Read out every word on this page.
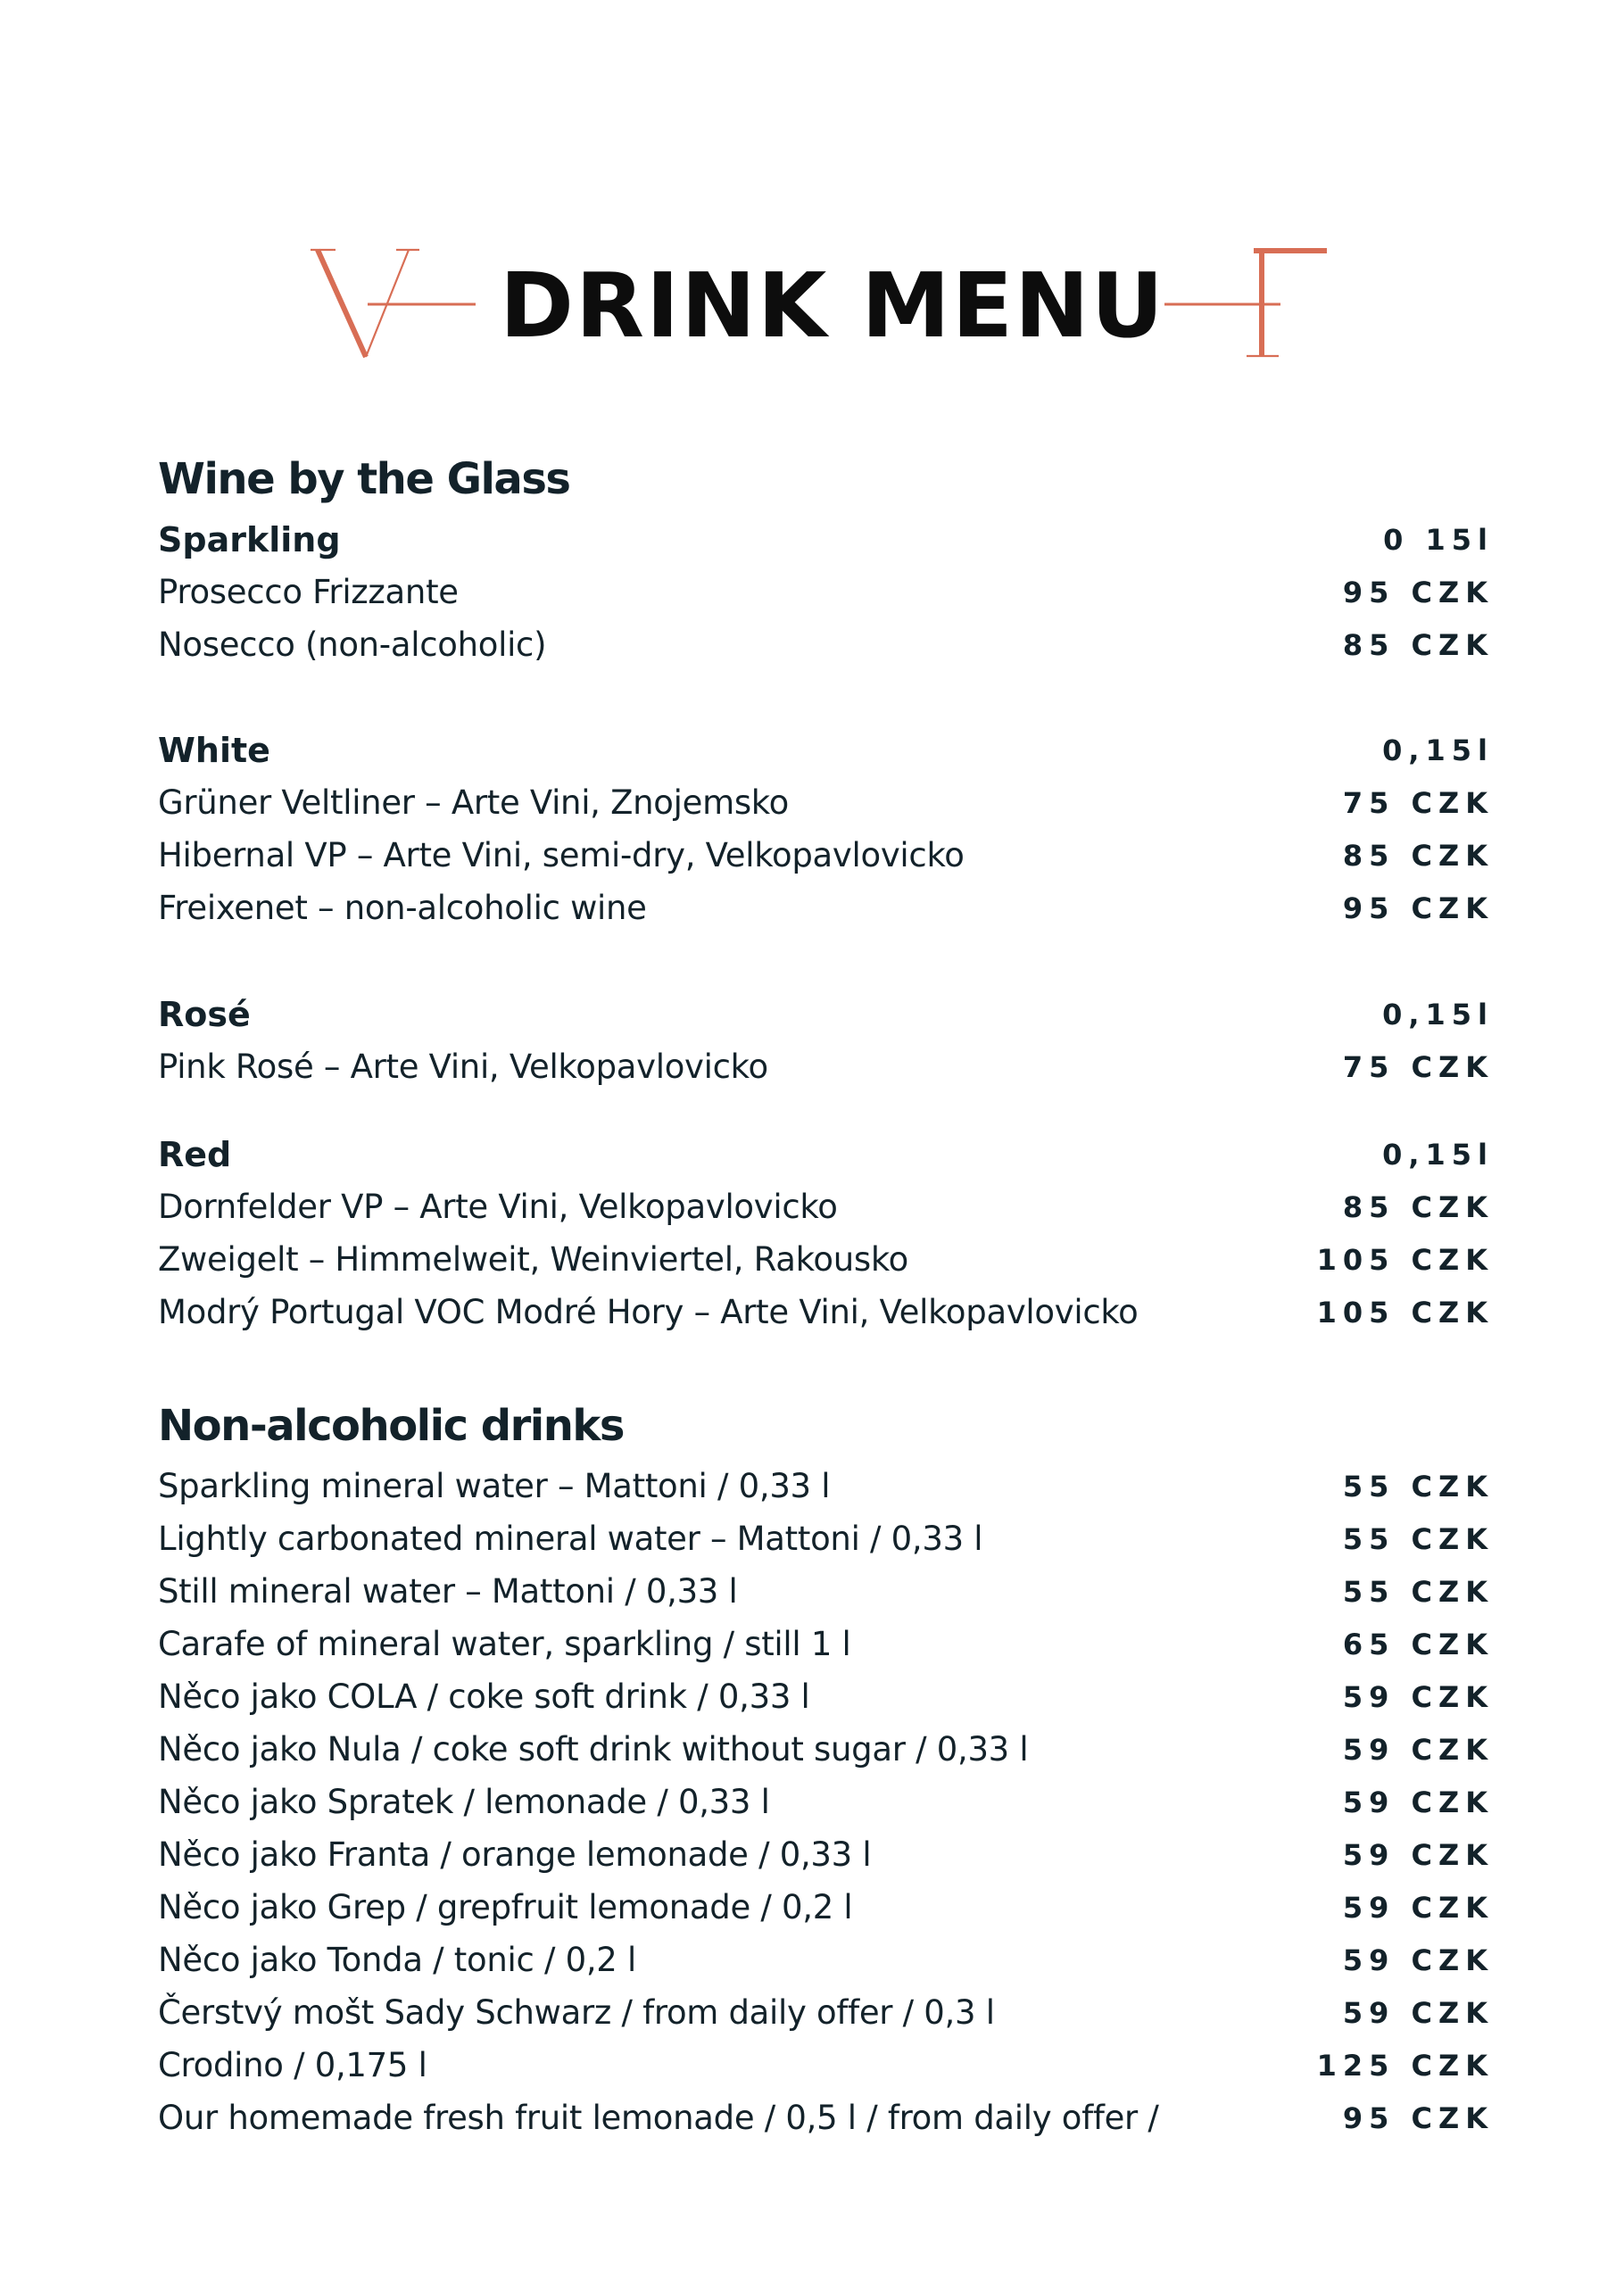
DRINK MENU
Wine by the Glass
Sparkling	0 15l
Prosecco Frizzante	95 CZK
Nosecco (non-alcoholic)	85 CZK
White	0,15l
Grüner Veltliner – Arte Vini, Znojemsko	75 CZK
Hibernal VP – Arte Vini, semi-dry, Velkopavlovicko	85 CZK
Freixenet – non-alcoholic wine	95 CZK
Rosé	0,15l
Pink Rosé – Arte Vini, Velkopavlovicko	75 CZK
Red	0,15l
Dornfelder VP – Arte Vini, Velkopavlovicko	85 CZK
Zweigelt – Himmelweit, Weinviertel, Rakousko	105 CZK
Modrý Portugal VOC Modré Hory – Arte Vini, Velkopavlovicko	105 CZK
Non-alcoholic drinks
Sparkling mineral water – Mattoni / 0,33 l	55 CZK
Lightly carbonated mineral water – Mattoni / 0,33 l	55 CZK
Still mineral water – Mattoni / 0,33 l	55 CZK
Carafe of mineral water, sparkling / still 1 l	65 CZK
Něco jako COLA / coke soft drink / 0,33 l	59 CZK
Něco jako Nula / coke soft drink without sugar / 0,33 l	59 CZK
Něco jako Spratek / lemonade / 0,33 l	59 CZK
Něco jako Franta / orange lemonade / 0,33 l	59 CZK
Něco jako Grep / grepfruit lemonade / 0,2 l	59 CZK
Něco jako Tonda / tonic / 0,2 l	59 CZK
Čerstvý mošt Sady Schwarz / from daily offer / 0,3 l	59 CZK
Crodino / 0,175 l	125 CZK
Our homemade fresh fruit lemonade / 0,5 l / from daily offer /	95 CZK
